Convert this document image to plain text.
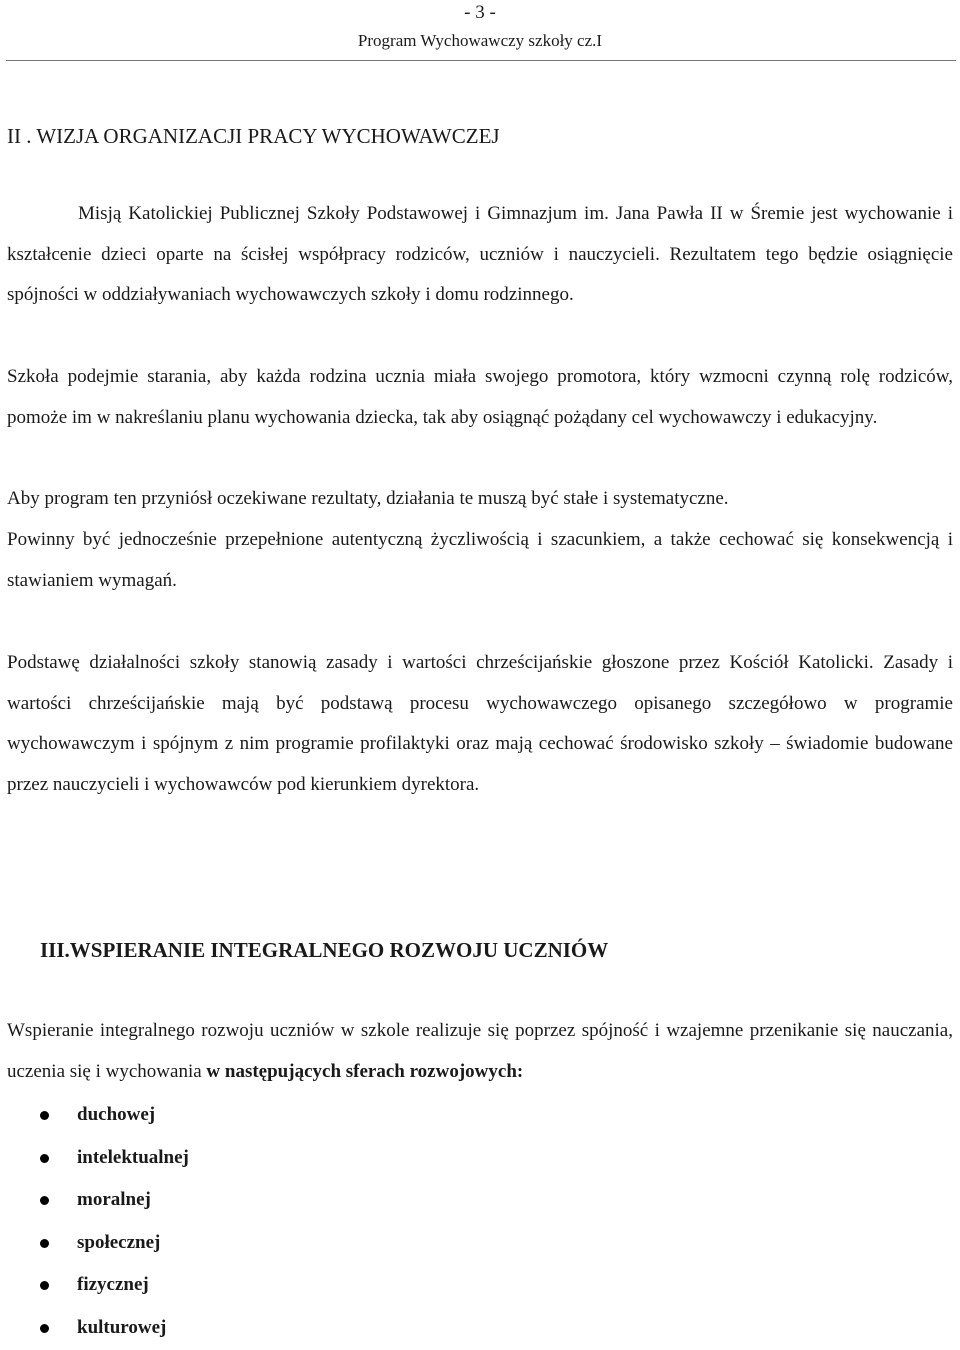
- 3 -
Program Wychowawczy szkoły cz.I
II . WIZJA ORGANIZACJI PRACY WYCHOWAWCZEJ

Misją Katolickiej Publicznej Szkoły Podstawowej i Gimnazjum im. Jana Pawła II w Śremie jest wychowanie i kształcenie dzieci oparte na ścisłej współpracy rodziców, uczniów i nauczycieli. Rezultatem tego będzie osiągnięcie spójności w oddziaływaniach wychowawczych szkoły i domu rodzinnego.

Szkoła podejmie starania, aby każda rodzina ucznia miała swojego promotora, który wzmocni czynną rolę rodziców, pomoże im w nakreślaniu planu wychowania dziecka, tak aby osiągnąć pożądany cel wychowawczy i edukacyjny.

Aby program ten przyniósł oczekiwane rezultaty, działania te muszą być stałe i systematyczne.

Powinny być jednocześnie przepełnione autentyczną życzliwością i szacunkiem, a także cechować się konsekwencją i stawianiem wymagań.

Podstawę działalności szkoły stanowią zasady i wartości chrześcijańskie głoszone przez Kościół Katolicki. Zasady i wartości chrześcijańskie mają być podstawą procesu wychowawczego opisanego szczegółowo w programie wychowawczym i spójnym z nim programie profilaktyki oraz mają cechować środowisko szkoły – świadomie budowane przez nauczycieli i wychowawców pod kierunkiem dyrektora.

III.WSPIERANIE INTEGRALNEGO ROZWOJU UCZNIÓW

Wspieranie integralnego rozwoju uczniów w szkole realizuje się poprzez spójność i wzajemne przenikanie się nauczania, uczenia się i wychowania w następujących sferach rozwojowych:

duchowej
intelektualnej
moralnej
społecznej
fizycznej
kulturowej
